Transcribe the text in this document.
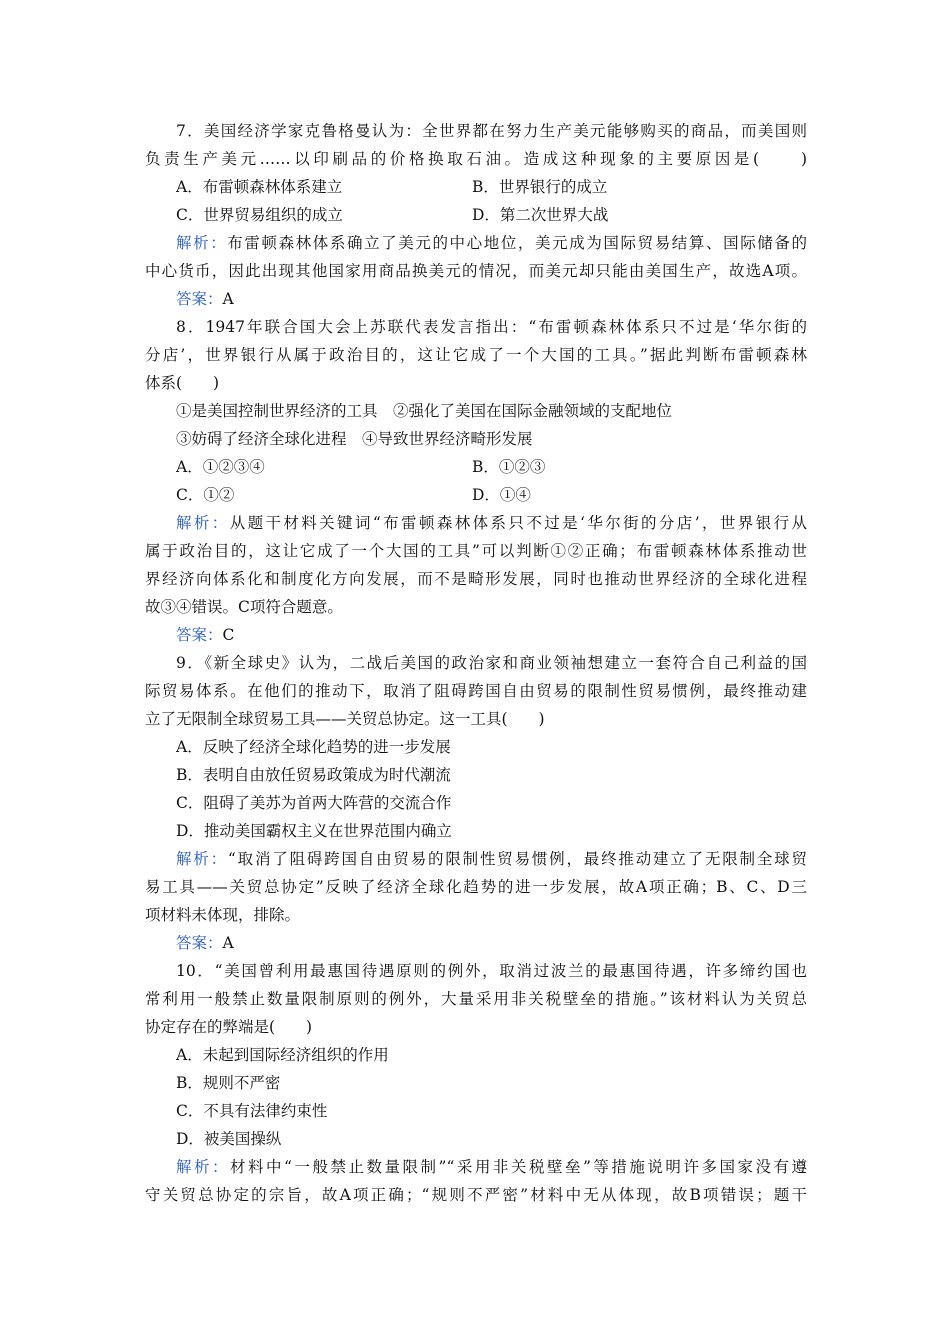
7．美国经济学家克鲁格曼认为：全世界都在努力生产美元能够购买的商品，而美国则
负责生产美元……以印刷品的价格换取石油。造成这种现象的主要原因是(　　)
A．布雷顿森林体系建立	B．世界银行的成立
C．世界贸易组织的成立	D．第二次世界大战
解析：布雷顿森林体系确立了美元的中心地位，美元成为国际贸易结算、国际储备的
中心货币，因此出现其他国家用商品换美元的情况，而美元却只能由美国生产，故选A项。
答案：A
8．1947年联合国大会上苏联代表发言指出：“布雷顿森林体系只不过是‘华尔街的
分店’，世界银行从属于政治目的，这让它成了一个大国的工具。”据此判断布雷顿森林
体系(　　)
①是美国控制世界经济的工具　②强化了美国在国际金融领域的支配地位
③妨碍了经济全球化进程　④导致世界经济畸形发展
A．①②③④	B．①②③
C．①②	D．①④
解析：从题干材料关键词“布雷顿森林体系只不过是‘华尔街的分店’，世界银行从
属于政治目的，这让它成了一个大国的工具”可以判断①②正确；布雷顿森林体系推动世
界经济向体系化和制度化方向发展，而不是畸形发展，同时也推动世界经济的全球化进程
故③④错误。C项符合题意。
答案：C
9．《新全球史》认为，二战后美国的政治家和商业领袖想建立一套符合自己利益的国
际贸易体系。在他们的推动下，取消了阻碍跨国自由贸易的限制性贸易惯例，最终推动建
立了无限制全球贸易工具——关贸总协定。这一工具(　　)
A．反映了经济全球化趋势的进一步发展
B．表明自由放任贸易政策成为时代潮流
C．阻碍了美苏为首两大阵营的交流合作
D．推动美国霸权主义在世界范围内确立
解析：“取消了阻碍跨国自由贸易的限制性贸易惯例，最终推动建立了无限制全球贸
易工具——关贸总协定”反映了经济全球化趋势的进一步发展，故A项正确；B、C、D三
项材料未体现，排除。
答案：A
10．“美国曾利用最惠国待遇原则的例外，取消过波兰的最惠国待遇，许多缔约国也
常利用一般禁止数量限制原则的例外，大量采用非关税壁垒的措施。”该材料认为关贸总
协定存在的弊端是(　　)
A．未起到国际经济组织的作用
B．规则不严密
C．不具有法律约束性
D．被美国操纵
解析：材料中“一般禁止数量限制”“采用非关税壁垒”等措施说明许多国家没有遵
守关贸总协定的宗旨，故A项正确；“规则不严密”材料中无从体现，故B项错误；题干
